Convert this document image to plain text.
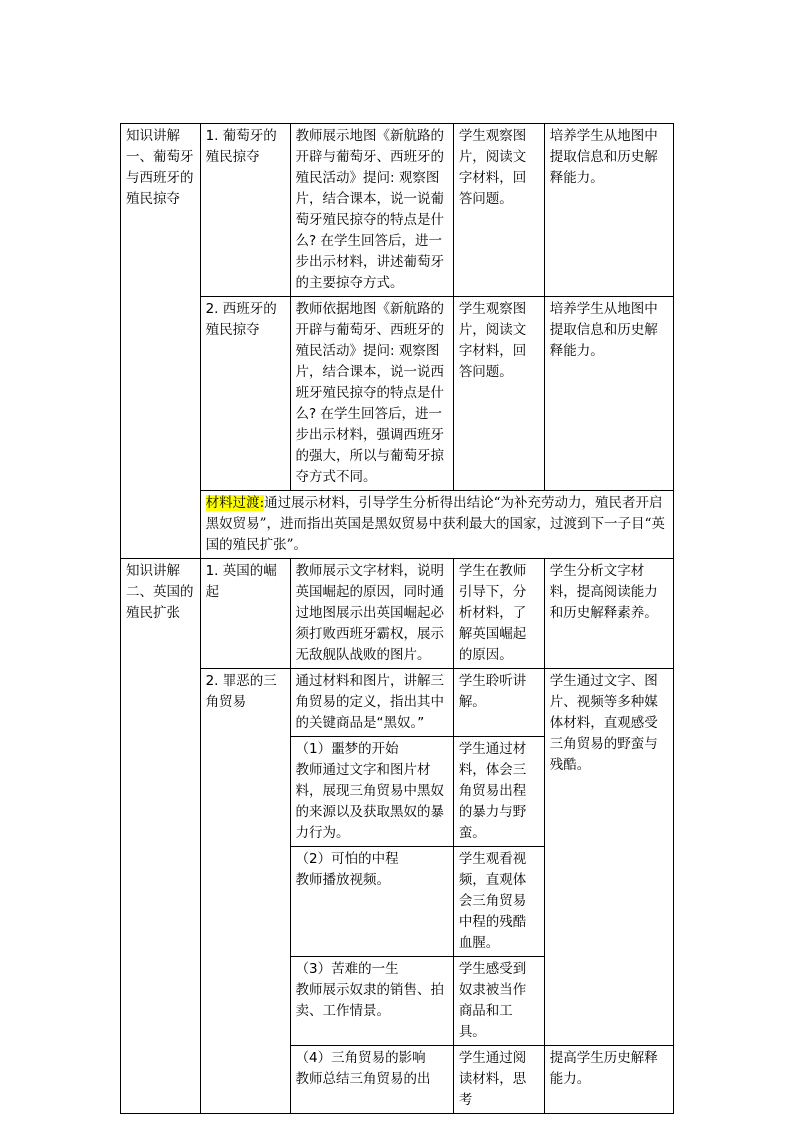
知识讲解一、葡萄牙与西班牙的殖民掠夺	1. 葡萄牙的殖民掠夺	教师展示地图《新航路的开辟与葡萄牙、西班牙的殖民活动》提问: 观察图片，结合课本，说一说葡萄牙殖民掠夺的特点是什么? 在学生回答后，进一步出示材料，讲述葡萄牙的主要掠夺方式。	学生观察图片，阅读文字材料，回答问题。	培养学生从地图中提取信息和历史解释能力。
	2. 西班牙的殖民掠夺	教师依据地图《新航路的开辟与葡萄牙、西班牙的殖民活动》提问: 观察图片，结合课本，说一说西班牙殖民掠夺的特点是什么? 在学生回答后，进一步出示材料，强调西班牙的强大，所以与葡萄牙掠夺方式不同。	学生观察图片，阅读文字材料，回答问题。	培养学生从地图中提取信息和历史解释能力。
	材料过渡:通过展示材料，引导学生分析得出结论“为补充劳动力，殖民者开启黑奴贸易”，进而指出英国是黑奴贸易中获利最大的国家，过渡到下一子目“英国的殖民扩张”。			
知识讲解二、英国的殖民扩张	1. 英国的崛起	教师展示文字材料，说明英国崛起的原因，同时通过地图展示出英国崛起必须打败西班牙霸权，展示无敌舰队战败的图片。	学生在教师引导下，分析材料，了解英国崛起的原因。	学生分析文字材料，提高阅读能力和历史解释素养。
	2. 罪恶的三角贸易	通过材料和图片，讲解三角贸易的定义，指出其中的关键商品是“黑奴。”	学生聆听讲解。	学生通过文字、图片、视频等多种媒体材料，直观感受三角贸易的野蛮与残酷。

		（1）噩梦的开始
教师通过文字和图片材料，展现三角贸易中黑奴的来源以及获取黑奴的暴力行为。	学生通过材料，体会三角贸易出程的暴力与野蛮。	

		（2）可怕的中程
教师播放视频。	学生观看视频，直观体会三角贸易中程的残酷血腥。	

		（3）苦难的一生
教师展示奴隶的销售、拍卖、工作情景。	学生感受到奴隶被当作商品和工具。	

		（4）三角贸易的影响
教师总结三角贸易的出	学生通过阅读材料，思考	提高学生历史解释能力。
